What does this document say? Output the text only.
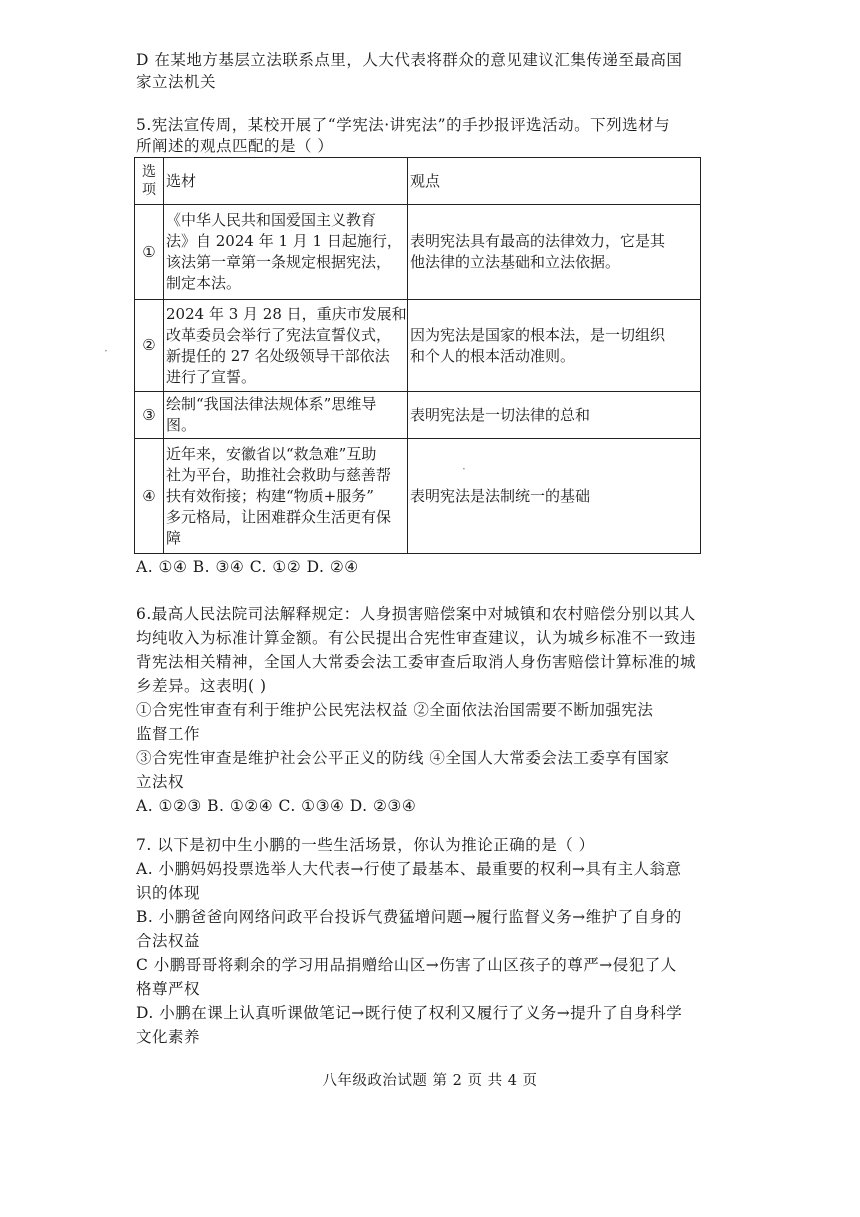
D 在某地方基层立法联系点里，人大代表将群众的意见建议汇集传递至最高国
家立法机关
5.宪法宣传周，某校开展了“学宪法·讲宪法”的手抄报评选活动。下列选材与
所阐述的观点匹配的是（ ）
选项	选材	观点
①	《中华人民共和国爱国主义教育
法》自 2024 年 1 月 1 日起施行，
该法第一章第一条规定根据宪法，
制定本法。	表明宪法具有最高的法律效力，它是其
他法律的立法基础和立法依据。

②	2024 年 3 月 28 日，重庆市发展和
改革委员会举行了宪法宣誓仪式，
新提任的 27 名处级领导干部依法
进行了宣誓。	因为宪法是国家的根本法，是一切组织
和个人的根本活动准则。

③	绘制“我国法律法规体系”思维导
图。	表明宪法是一切法律的总和

④	近年来，安徽省以“救急难”互助
社为平台，助推社会救助与慈善帮
扶有效衔接；构建“物质+服务”
多元格局，让困难群众生活更有保
障	表明宪法是法制统一的基础
A. ①④ B. ③④ C. ①② D. ②④
6.最高人民法院司法解释规定：人身损害赔偿案中对城镇和农村赔偿分别以其人
均纯收入为标准计算金额。有公民提出合宪性审查建议，认为城乡标准不一致违
背宪法相关精神，全国人大常委会法工委审查后取消人身伤害赔偿计算标准的城
乡差异。这表明( )
①合宪性审查有利于维护公民宪法权益 ②全面依法治国需要不断加强宪法
监督工作
③合宪性审查是维护社会公平正义的防线 ④全国人大常委会法工委享有国家
立法权
A. ①②③ B. ①②④ C. ①③④ D. ②③④
7. 以下是初中生小鹏的一些生活场景，你认为推论正确的是（ ）
A. 小鹏妈妈投票选举人大代表→行使了最基本、最重要的权利→具有主人翁意
识的体现
B. 小鹏爸爸向网络问政平台投诉气费猛增问题→履行监督义务→维护了自身的
合法权益
C 小鹏哥哥将剩余的学习用品捐赠给山区→伤害了山区孩子的尊严→侵犯了人
格尊严权
D. 小鹏在课上认真听课做笔记→既行使了权利又履行了义务→提升了自身科学
文化素养
八年级政治试题 第 2 页 共 4 页
·
·
